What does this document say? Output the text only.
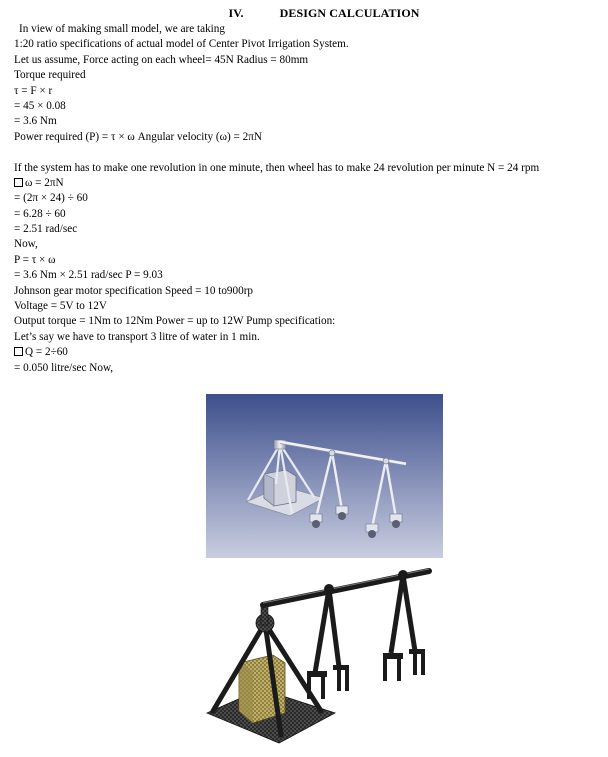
IV.	DESIGN CALCULATION
In view of making small model, we are taking
1:20 ratio specifications of actual model of Center Pivot Irrigation System.
Let us assume, Force acting on each wheel= 45N Radius = 80mm
Torque required
τ = F × r
= 45 × 0.08
= 3.6 Nm
Power required (P) = τ × ω Angular velocity (ω) = 2πN
If the system has to make one revolution in one minute, then wheel has to make 24 revolution per minute N = 24 rpm
ω = 2πN
= (2π × 24) ÷ 60
= 6.28 ÷ 60
= 2.51 rad/sec
Now,
P = τ × ω
= 3.6 Nm × 2.51 rad/sec P = 9.03
Johnson gear motor specification Speed = 10 to900rp
Voltage = 5V to 12V
Output torque = 1Nm to 12Nm Power = up to 12W Pump specification:
Let’s say we have to transport 3 litre of water in 1 min.
Q = 2÷60
= 0.050 litre/sec Now,
